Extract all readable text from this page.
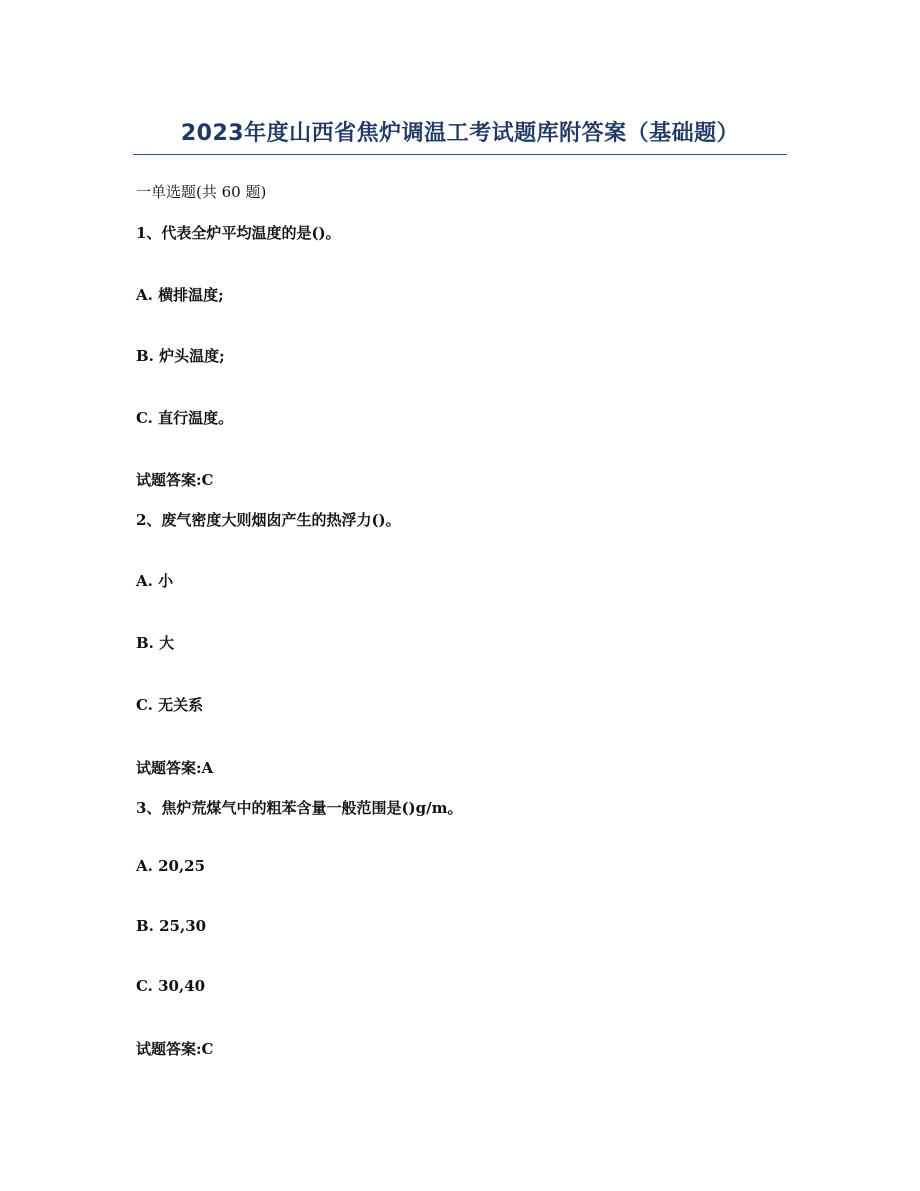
2023年度山西省焦炉调温工考试题库附答案（基础题）
一单选题(共 60 题)
1、代表全炉平均温度的是()。
A. 横排温度;
B. 炉头温度;
C. 直行温度。
试题答案:C
2、废气密度大则烟囱产生的热浮力()。
A. 小
B. 大
C. 无关系
试题答案:A
3、焦炉荒煤气中的粗苯含量一般范围是()g/m。
A. 20,25
B. 25,30
C. 30,40
试题答案:C
